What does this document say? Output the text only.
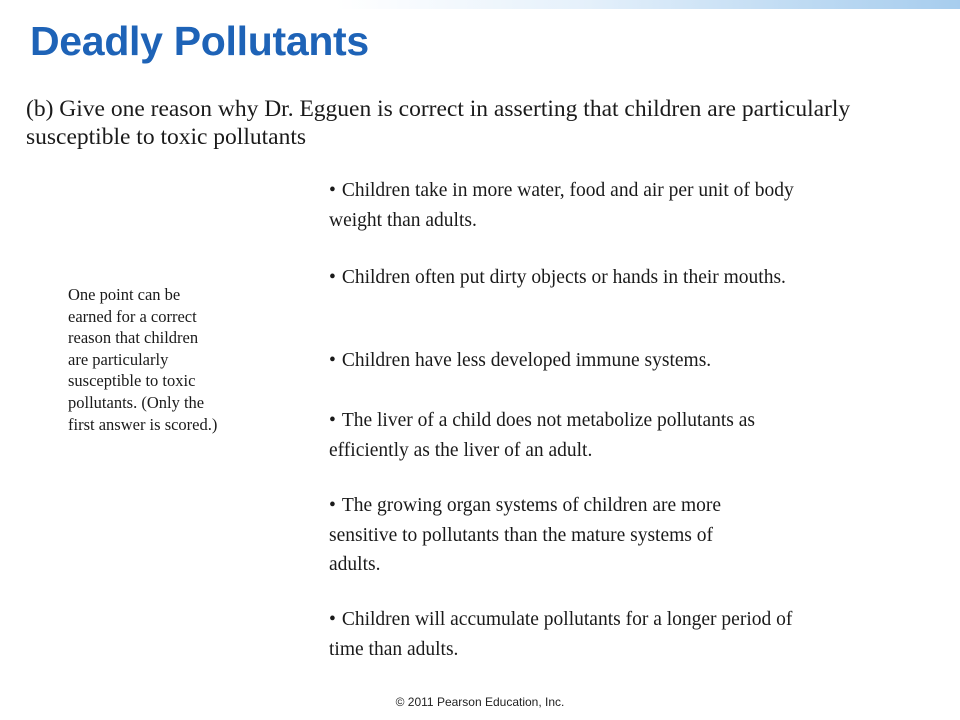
Deadly Pollutants
(b) Give one reason why Dr. Egguen is correct in asserting that children are particularly susceptible to toxic pollutants
One point can be earned for a correct reason that children are particularly susceptible to toxic pollutants. (Only the first answer is scored.)
• Children take in more water, food and air per unit of body weight than adults.
• Children often put dirty objects or hands in their mouths.
• Children have less developed immune systems.
• The liver of a child does not metabolize pollutants as efficiently as the liver of an adult.
• The growing organ systems of children are more sensitive to pollutants than the mature systems of adults.
• Children will accumulate pollutants for a longer period of time than adults.
© 2011 Pearson Education, Inc.
